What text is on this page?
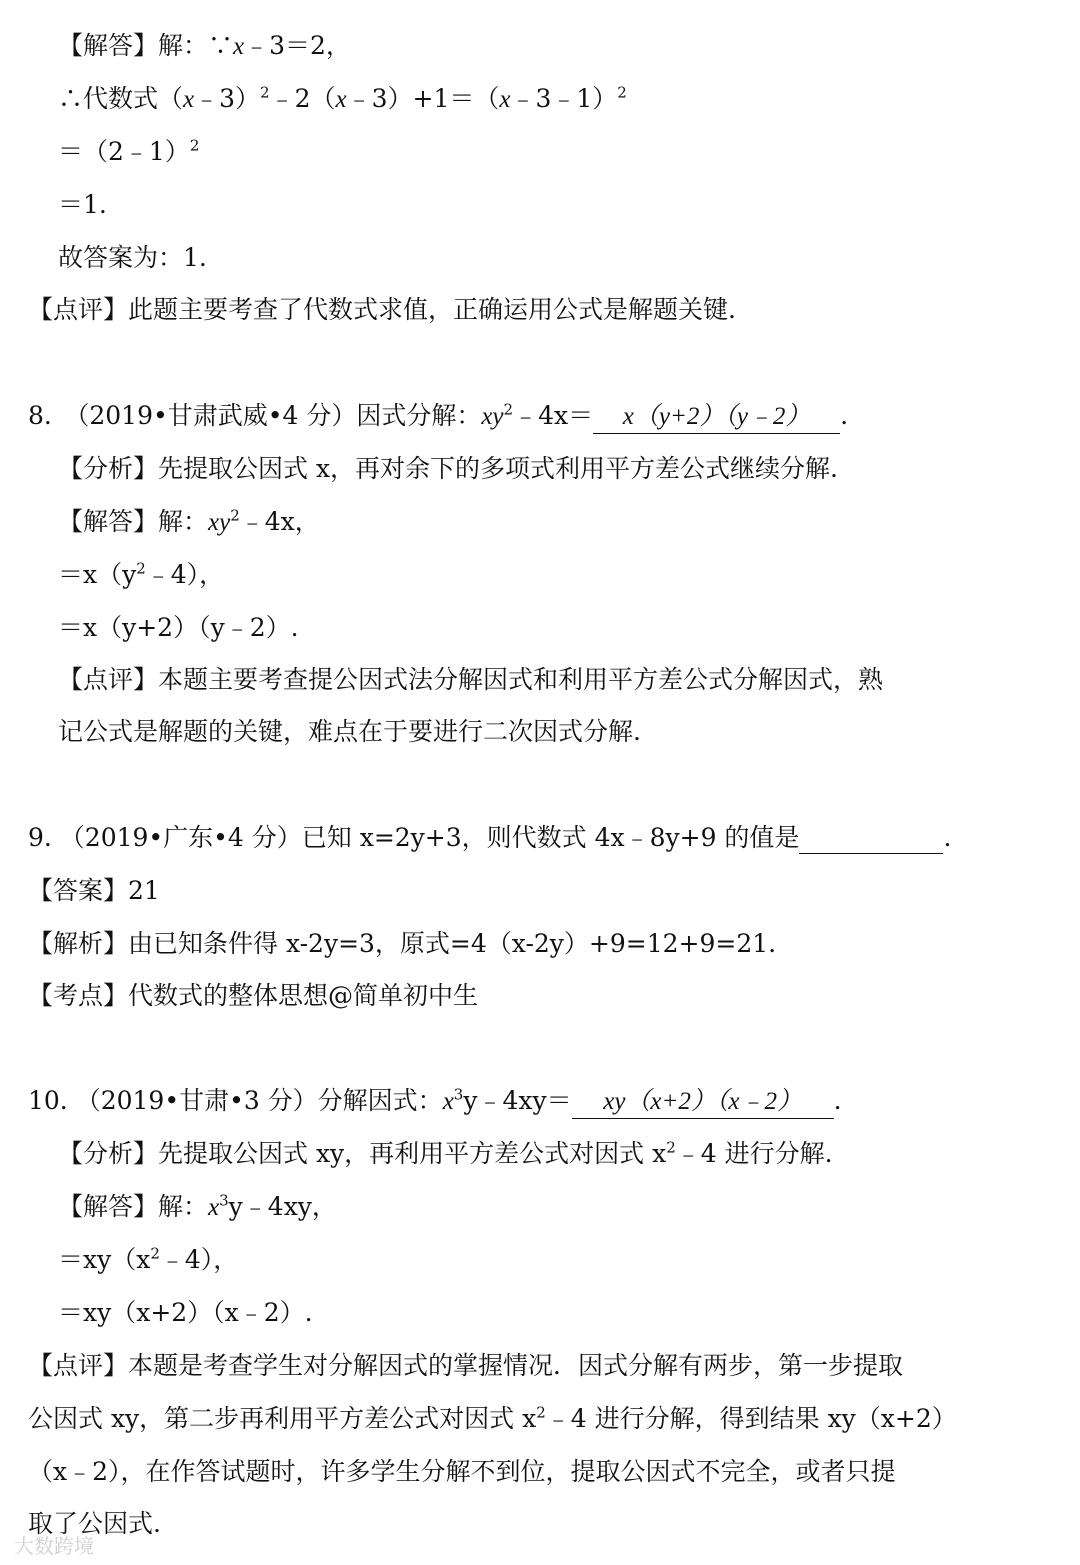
【解答】解：∵x﹣3＝2，
∴代数式（x﹣3）$^2$﹣2（x﹣3）+1＝（x﹣3﹣1）$^2$
＝（2﹣1）$^2$
＝1.
故答案为：1.
【点评】此题主要考查了代数式求值，正确运用公式是解题关键.
8.　（2019•甘肃武威•4 分）因式分解：$xy^2﹣4x=$ x（y+2）（y﹣2） .
【分析】先提取公因式 x，再对余下的多项式利用平方差公式继续分解.
【解答】解：$xy^2﹣4x$，
$=x(y^2﹣4)$，
＝x（y+2）（y﹣2）.
【点评】本题主要考查提公因式法分解因式和利用平方差公式分解因式，熟
记公式是解题的关键，难点在于要进行二次因式分解.
9. （2019•广东•4 分）已知 x=2y+3，则代数式 4x﹣8y+9 的值是	.
【答案】21
【解析】由已知条件得 x-2y=3，原式=4（x-2y）+9=12+9=21.
【考点】代数式的整体思想@简单初中生
10. （2019•甘肃•3 分）分解因式：$x^3y﹣4xy=$ xy（x+2）（x﹣2） .
【分析】先提取公因式 xy，再利用平方差公式对因式 $x^2﹣4$ 进行分解.
【解答】解：$x^3y﹣4xy$，
$=xy(x^2﹣4)$，
＝xy（x+2）（x﹣2）.
【点评】本题是考查学生对分解因式的掌握情况．因式分解有两步，第一步提取
公因式 xy，第二步再利用平方差公式对因式 $x^2﹣4$ 进行分解，得到结果 xy（x+2）
（x﹣2），在作答试题时，许多学生分解不到位，提取公因式不完全，或者只提
取了公因式.
大数跨境
